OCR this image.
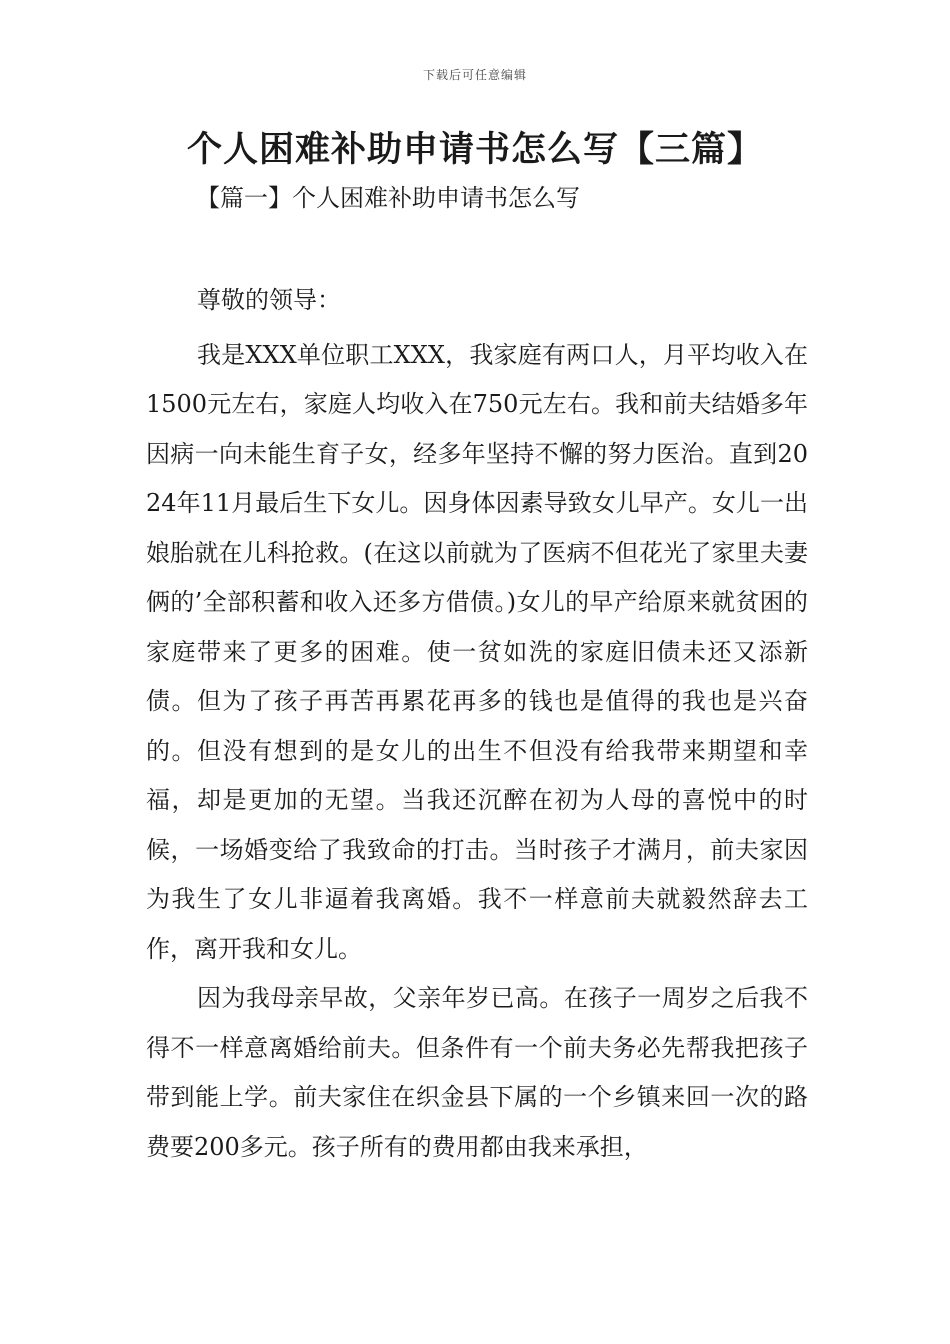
下载后可任意编辑
个人困难补助申请书怎么写【三篇】
【篇一】个人困难补助申请书怎么写

尊敬的领导：

我是XXX单位职工XXX，我家庭有两口人，月平均收入在1500元左右，家庭人均收入在750元左右。我和前夫结婚多年因病一向未能生育子女，经多年坚持不懈的努力医治。直到2024年11月最后生下女儿。因身体因素导致女儿早产。女儿一出娘胎就在儿科抢救。(在这以前就为了医病不但花光了家里夫妻俩的’全部积蓄和收入还多方借债。)女儿的早产给原来就贫困的家庭带来了更多的困难。使一贫如洗的家庭旧债未还又添新债。但为了孩子再苦再累花再多的钱也是值得的我也是兴奋的。但没有想到的是女儿的出生不但没有给我带来期望和幸福，却是更加的无望。当我还沉醉在初为人母的喜悦中的时候，一场婚变给了我致命的打击。当时孩子才满月，前夫家因为我生了女儿非逼着我离婚。我不一样意前夫就毅然辞去工作，离开我和女儿。

因为我母亲早故，父亲年岁已高。在孩子一周岁之后我不得不一样意离婚给前夫。但条件有一个前夫务必先帮我把孩子带到能上学。前夫家住在织金县下属的一个乡镇来回一次的路费要200多元。孩子所有的费用都由我来承担，
